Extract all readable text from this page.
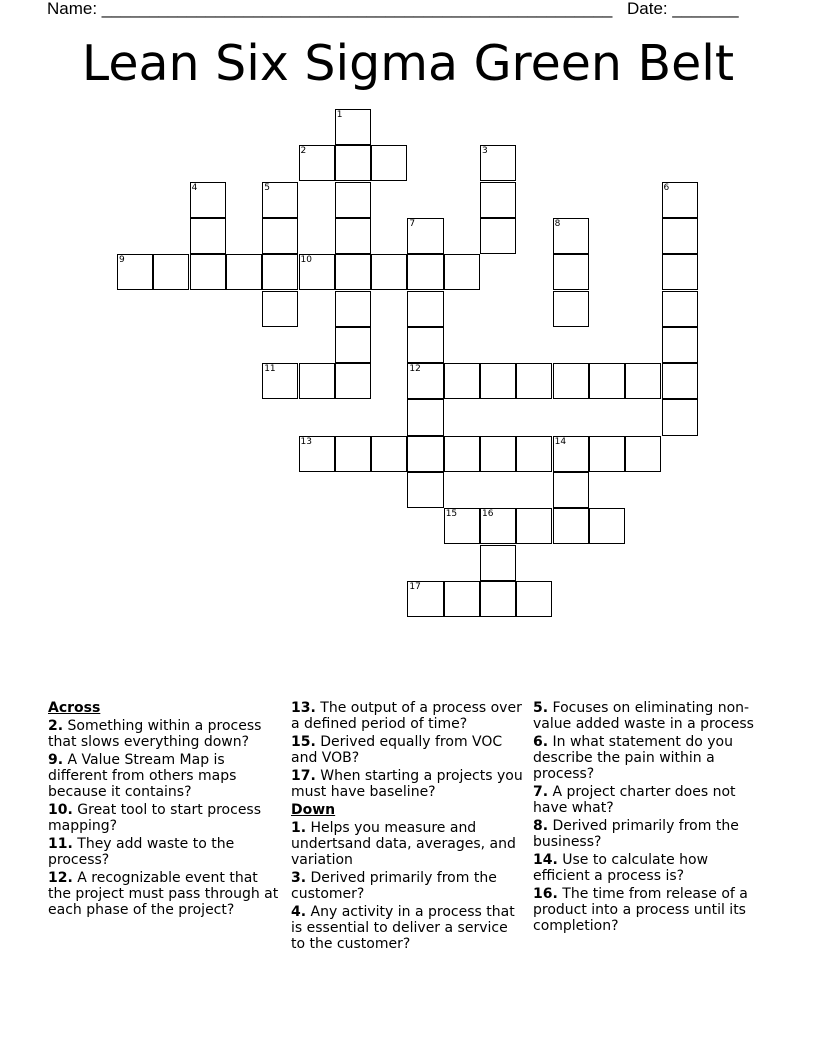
Name: ______________________________________________________ Date: _______
Lean Six Sigma Green Belt
1
2	3
4	5	6
7	8
9	10
11	12
13	14
15	16
17
Across
2. Something within a process that slows everything down?
9. A Value Stream Map is different from others maps because it contains?
10. Great tool to start process mapping?
11. They add waste to the process?
12. A recognizable event that the project must pass through at each phase of the project?
13. The output of a process over a defined period of time?
15. Derived equally from VOC and VOB?
17. When starting a projects you must have baseline?
Down
1. Helps you measure and undertsand data, averages, and variation
3. Derived primarily from the customer?
4. Any activity in a process that is essential to deliver a service to the customer?
5. Focuses on eliminating non-value added waste in a process
6. In what statement do you describe the pain within a process?
7. A project charter does not have what?
8. Derived primarily from the business?
14. Use to calculate how efficient a process is?
16. The time from release of a product into a process until its completion?
